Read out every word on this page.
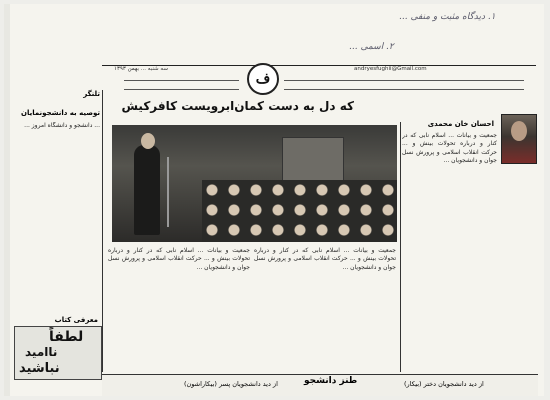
۱. دیدگاه مثبت و منفی ...
۲. اسمی ...
سه شنبه ... بهمن ۱۳۹۳	andryesfughii@Gmail.com
ف
تلنگر
توصیه به دانشجونمایان
... دانشجو و دانشگاه امروز ...
معرفی کتاب
لطفاً
ناامید
نباشید
که دل به دست کمان‌ابرویست کافرکیش
احسان خان محمدی
جمعیت و بیانات ... اسلام نابی که در کنار و درباره تحولات بینش و ... حرکت انقلاب اسلامی و پرورش نسل جوان و دانشجویان ...
جمعیت و بیانات ... اسلام نابی که در کنار و درباره تحولات بینش و ... حرکت انقلاب اسلامی و پرورش نسل جوان و دانشجویان ...
جمعیت و بیانات ... اسلام نابی که در کنار و درباره تحولات بینش و ... حرکت انقلاب اسلامی و پرورش نسل جوان و دانشجویان ...
طنز دانشجو
از دید دانشجویان پسر (بیکاراشون)	از دید دانشجویان دختر (بیکار)
